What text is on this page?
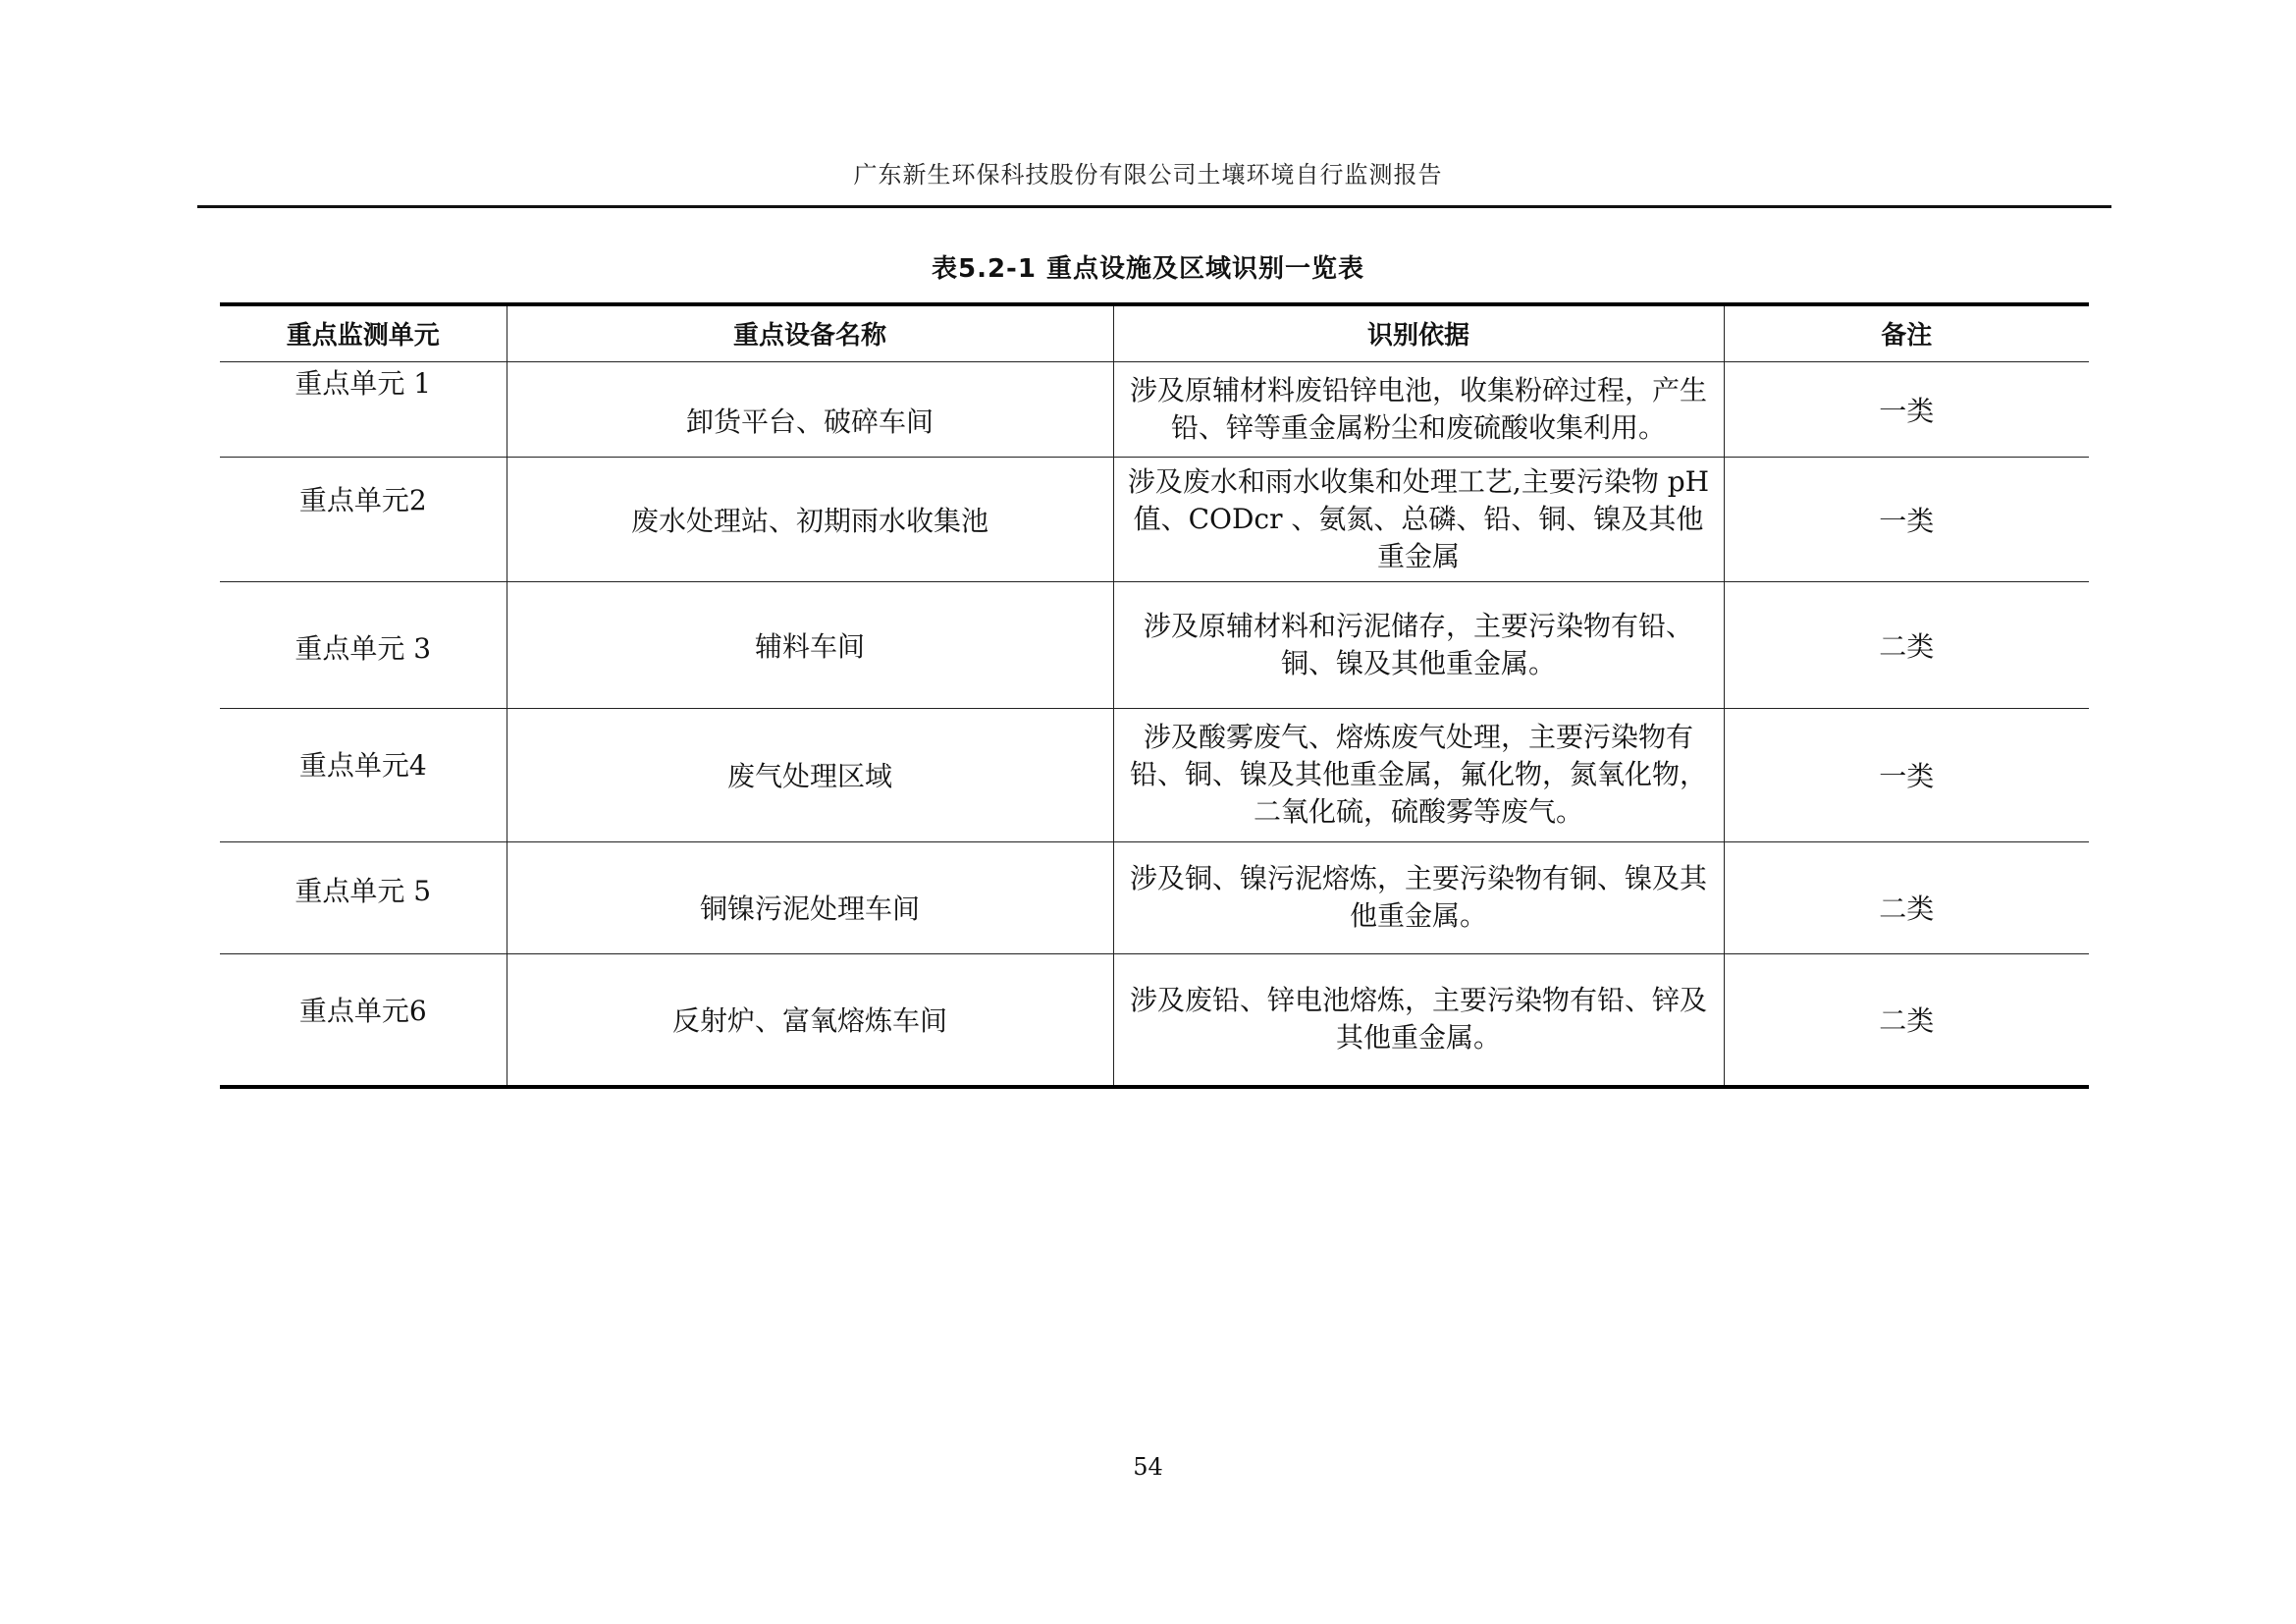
广东新生环保科技股份有限公司土壤环境自行监测报告
表5.2-1 重点设施及区域识别一览表
重点监测单元	重点设备名称	识别依据	备注
重点单元 1	卸货平台、破碎车间	涉及原辅材料废铅锌电池，收集粉碎过程，产生铅、锌等重金属粉尘和废硫酸收集利用。	一类
重点单元2	废水处理站、初期雨水收集池	涉及废水和雨水收集和处理工艺,主要污染物 pH 值、CODcr 、氨氮、总磷、铅、铜、镍及其他重金属	一类
重点单元 3	辅料车间	涉及原辅材料和污泥储存，主要污染物有铅、铜、镍及其他重金属。	二类
重点单元4	废气处理区域	涉及酸雾废气、熔炼废气处理，主要污染物有铅、铜、镍及其他重金属，氟化物，氮氧化物，二氧化硫，硫酸雾等废气。	一类
重点单元 5	铜镍污泥处理车间	涉及铜、镍污泥熔炼，主要污染物有铜、镍及其他重金属。	二类
重点单元6	反射炉、富氧熔炼车间	涉及废铅、锌电池熔炼，主要污染物有铅、锌及其他重金属。	二类
54
